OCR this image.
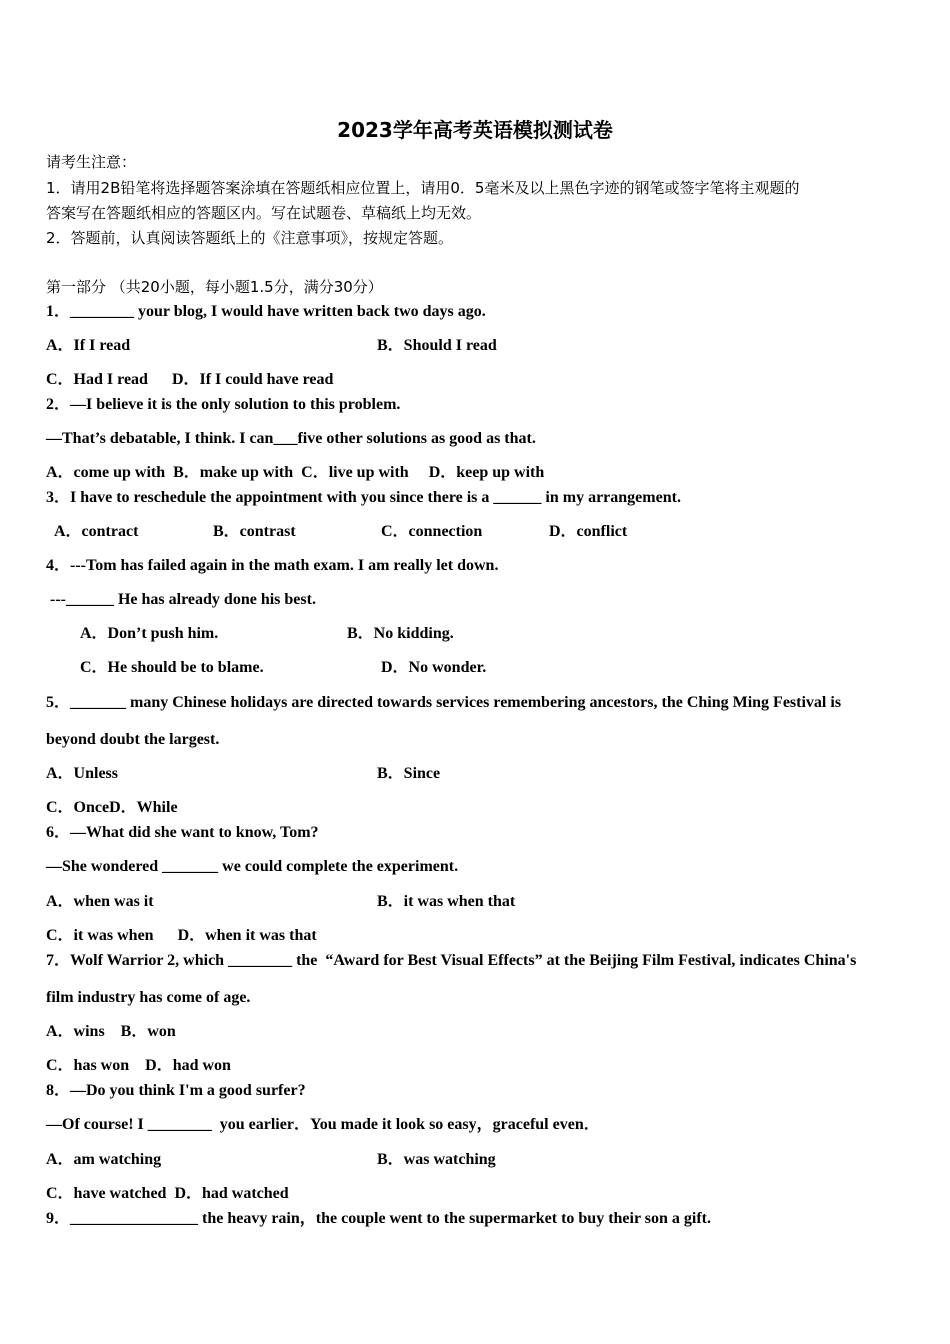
2023学年高考英语模拟测试卷
请考生注意：
1．请用2B铅笔将选择题答案涂填在答题纸相应位置上，请用0．5毫米及以上黑色字迹的钢笔或签字笔将主观题的
答案写在答题纸相应的答题区内。写在试题卷、草稿纸上均无效。
2．答题前，认真阅读答题纸上的《注意事项》，按规定答题。
第一部分 （共20小题，每小题1.5分，满分30分）
1．________ your blog, I would have written back two days ago.
A．If I read	B．Should I read
C．Had I read      D．If I could have read
2．—I believe it is the only solution to this problem.
—That’s debatable, I think. I can___five other solutions as good as that.
A．come up with  B．make up with  C．live up with     D．keep up with
3．I have to reschedule the appointment with you since there is a ______ in my arrangement.
A．contract	B．contrast	C．connection	D．conflict
4．---Tom has failed again in the math exam. I am really let down.
---______ He has already done his best.
A．Don’t push him.	B．No kidding.
C．He should be to blame.	D．No wonder.
5．_______ many Chinese holidays are directed towards services remembering ancestors, the Ching Ming Festival is
beyond doubt the largest.
A．Unless	B．Since
C．OnceD．While
6．—What did she want to know, Tom?
—She wondered _______ we could complete the experiment.
A．when was it	B．it was when that
C．it was when      D．when it was that
7．Wolf Warrior 2, which ________ the  “Award for Best Visual Effects” at the Beijing Film Festival, indicates China's
film industry has come of age.
A．wins    B．won
C．has won    D．had won
8．—Do you think I'm a good surfer?
—Of course! I ________  you earlier．You made it look so easy，graceful even．
A．am watching	B．was watching
C．have watched  D．had watched
9．________________ the heavy rain，the couple went to the supermarket to buy their son a gift.
